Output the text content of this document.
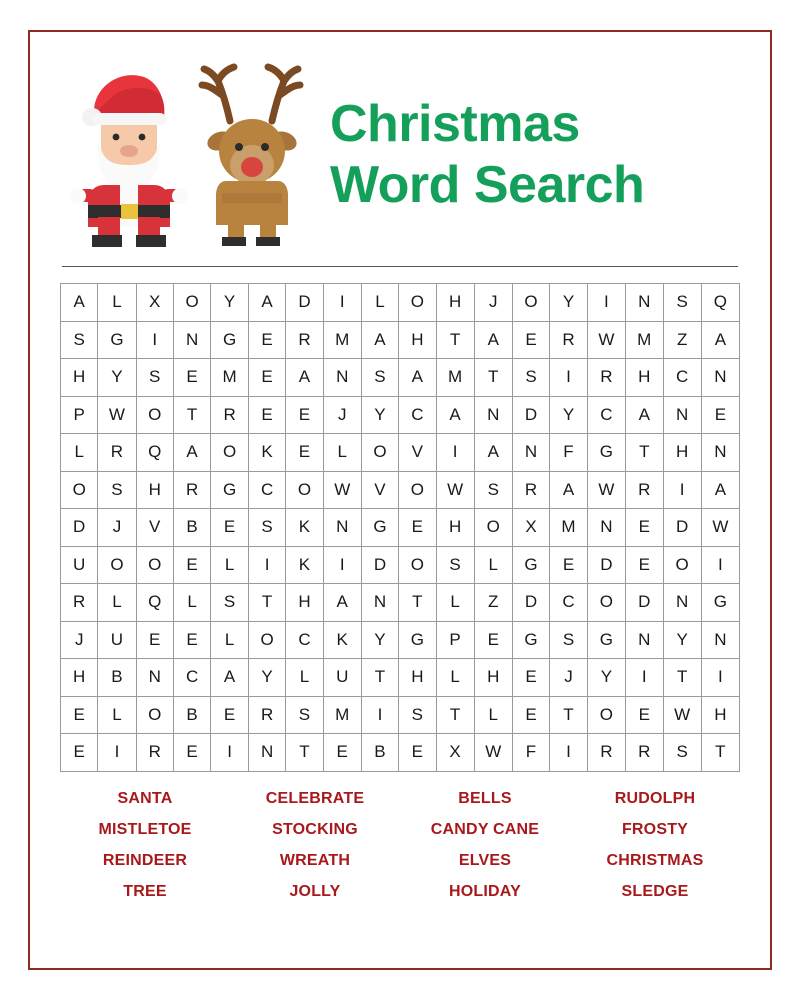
Christmas
Word Search
A	L	X	O	Y	A	D	I	L	O	H	J	O	Y	I	N	S	Q
S	G	I	N	G	E	R	M	A	H	T	A	E	R	W	M	Z	A
H	Y	S	E	M	E	A	N	S	A	M	T	S	I	R	H	C	N
P	W	O	T	R	E	E	J	Y	C	A	N	D	Y	C	A	N	E
L	R	Q	A	O	K	E	L	O	V	I	A	N	F	G	T	H	N
O	S	H	R	G	C	O	W	V	O	W	S	R	A	W	R	I	A
D	J	V	B	E	S	K	N	G	E	H	O	X	M	N	E	D	W
U	O	O	E	L	I	K	I	D	O	S	L	G	E	D	E	O	I
R	L	Q	L	S	T	H	A	N	T	L	Z	D	C	O	D	N	G
J	U	E	E	L	O	C	K	Y	G	P	E	G	S	G	N	Y	N
H	B	N	C	A	Y	L	U	T	H	L	H	E	J	Y	I	T	I
E	L	O	B	E	R	S	M	I	S	T	L	E	T	O	E	W	H
E	I	R	E	I	N	T	E	B	E	X	W	F	I	R	R	S	T
SANTA	CELEBRATE	BELLS	RUDOLPH
MISTLETOE	STOCKING	CANDY CANE	FROSTY
REINDEER	WREATH	ELVES	CHRISTMAS
TREE	JOLLY	HOLIDAY	SLEDGE
